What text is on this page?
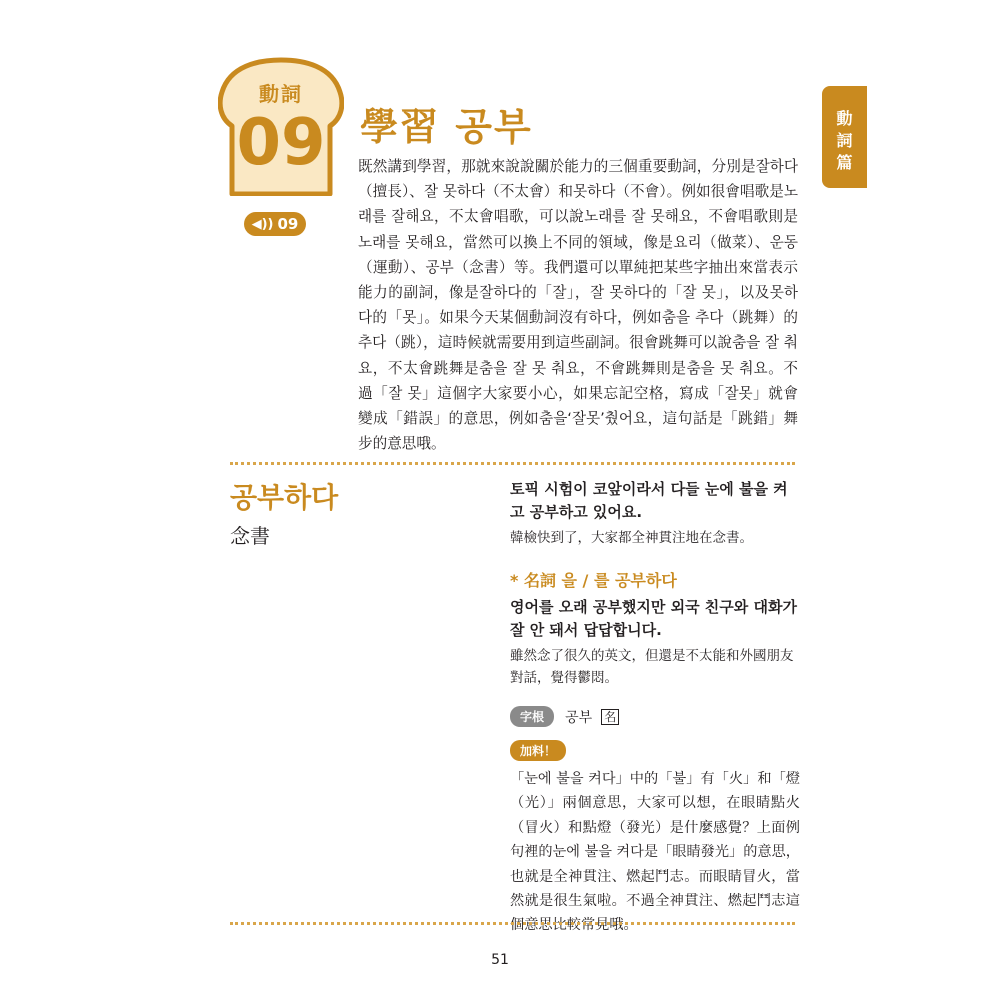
動詞
09
◀)) 09
動
詞
篇
學習 공부
既然講到學習，那就來說說關於能力的三個重要動詞，分別是잘하다（擅長）、잘 못하다（不太會）和못하다（不會）。例如很會唱歌是노래를 잘해요，不太會唱歌，可以說노래를 잘 못해요，不會唱歌則是노래를 못해요，當然可以換上不同的領域，像是요리（做菜）、운동（運動）、공부（念書）等。我們還可以單純把某些字抽出來當表示能力的副詞，像是잘하다的「잘」，잘 못하다的「잘 못」，以及못하다的「못」。如果今天某個動詞沒有하다，例如춤을 추다（跳舞）的추다（跳），這時候就需要用到這些副詞。很會跳舞可以說춤을 잘 춰요，不太會跳舞是춤을 잘 못 춰요，不會跳舞則是춤을 못 춰요。不過「잘 못」這個字大家要小心，如果忘記空格，寫成「잘못」就會變成「錯誤」的意思，例如춤을‘잘못’췄어요，這句話是「跳錯」舞步的意思哦。
공부하다
念書
토픽 시험이 코앞이라서 다들 눈에 불을 켜고 공부하고 있어요.
韓檢快到了，大家都全神貫注地在念書。
* 名詞 을 / 를 공부하다
영어를 오래 공부했지만 외국 친구와 대화가 잘 안 돼서 답답합니다.
雖然念了很久的英文，但還是不太能和外國朋友對話，覺得鬱悶。
字根 공부 名
加料！
「눈에 불을 켜다」中的「불」有「火」和「燈（光）」兩個意思，大家可以想，在眼睛點火（冒火）和點燈（發光）是什麼感覺？上面例句裡的눈에 불을 켜다是「眼睛發光」的意思，也就是全神貫注、燃起鬥志。而眼睛冒火，當然就是很生氣啦。不過全神貫注、燃起鬥志這個意思比較常見哦。
51
